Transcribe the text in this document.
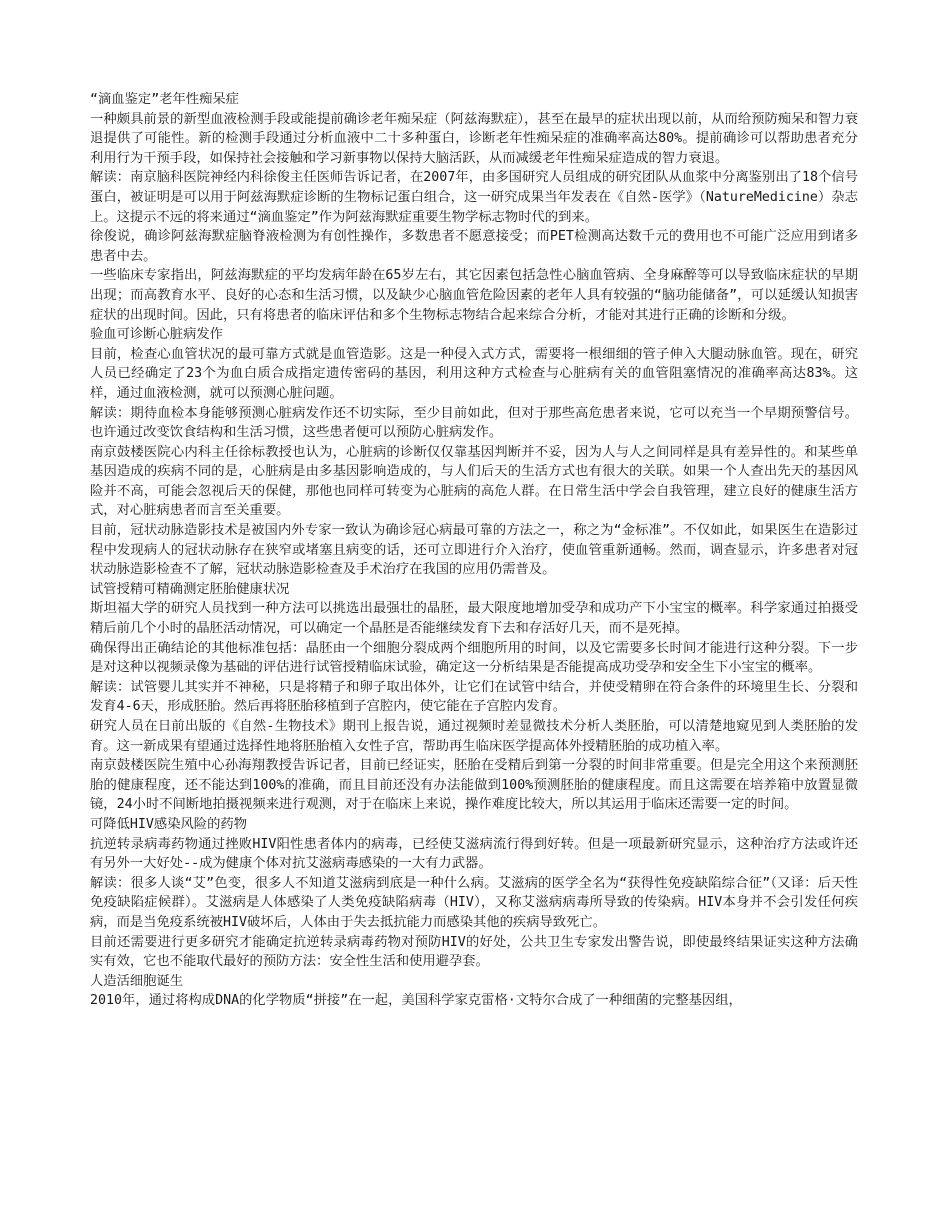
“滴血鉴定”老年性痴呆症

一种颇具前景的新型血液检测手段或能提前确诊老年痴呆症（阿兹海默症），甚至在最早的症状出现以前，从而给预防痴呆和智力衰退提供了可能性。新的检测手段通过分析血液中二十多种蛋白，诊断老年性痴呆症的准确率高达80%。提前确诊可以帮助患者充分利用行为干预手段，如保持社会接触和学习新事物以保持大脑活跃，从而减缓老年性痴呆症造成的智力衰退。

解读：南京脑科医院神经内科徐俊主任医师告诉记者，在2007年，由多国研究人员组成的研究团队从血浆中分离鉴别出了18个信号蛋白，被证明是可以用于阿兹海默症诊断的生物标记蛋白组合，这一研究成果当年发表在《自然-医学》（NatureMedicine）杂志上。这提示不远的将来通过“滴血鉴定”作为阿兹海默症重要生物学标志物时代的到来。

徐俊说，确诊阿兹海默症脑脊液检测为有创性操作，多数患者不愿意接受；而PET检测高达数千元的费用也不可能广泛应用到诸多患者中去。

一些临床专家指出，阿兹海默症的平均发病年龄在65岁左右，其它因素包括急性心脑血管病、全身麻醉等可以导致临床症状的早期出现；而高教育水平、良好的心态和生活习惯，以及缺少心脑血管危险因素的老年人具有较强的“脑功能储备”，可以延缓认知损害症状的出现时间。因此，只有将患者的临床评估和多个生物标志物结合起来综合分析，才能对其进行正确的诊断和分级。

验血可诊断心脏病发作

目前，检查心血管状况的最可靠方式就是血管造影。这是一种侵入式方式，需要将一根细细的管子伸入大腿动脉血管。现在，研究人员已经确定了23个为血白质合成指定遗传密码的基因，利用这种方式检查与心脏病有关的血管阻塞情况的准确率高达83%。这样，通过血液检测，就可以预测心脏问题。

解读：期待血检本身能够预测心脏病发作还不切实际，至少目前如此，但对于那些高危患者来说，它可以充当一个早期预警信号。也许通过改变饮食结构和生活习惯，这些患者便可以预防心脏病发作。

南京鼓楼医院心内科主任徐标教授也认为，心脏病的诊断仅仅靠基因判断并不妥，因为人与人之间同样是具有差异性的。和某些单基因造成的疾病不同的是，心脏病是由多基因影响造成的，与人们后天的生活方式也有很大的关联。如果一个人查出先天的基因风险并不高，可能会忽视后天的保健，那他也同样可转变为心脏病的高危人群。在日常生活中学会自我管理，建立良好的健康生活方式，对心脏病患者而言至关重要。

目前，冠状动脉造影技术是被国内外专家一致认为确诊冠心病最可靠的方法之一，称之为“金标准”。不仅如此，如果医生在造影过程中发现病人的冠状动脉存在狭窄或堵塞且病变的话，还可立即进行介入治疗，使血管重新通畅。然而，调查显示，许多患者对冠状动脉造影检查不了解，冠状动脉造影检查及手术治疗在我国的应用仍需普及。

试管授精可精确测定胚胎健康状况

斯坦福大学的研究人员找到一种方法可以挑选出最强壮的晶胚，最大限度地增加受孕和成功产下小宝宝的概率。科学家通过拍摄受精后前几个小时的晶胚活动情况，可以确定一个晶胚是否能继续发育下去和存活好几天，而不是死掉。

确保得出正确结论的其他标准包括：晶胚由一个细胞分裂成两个细胞所用的时间，以及它需要多长时间才能进行这种分裂。下一步是对这种以视频录像为基础的评估进行试管授精临床试验，确定这一分析结果是否能提高成功受孕和安全生下小宝宝的概率。

解读：试管婴儿其实并不神秘，只是将精子和卵子取出体外，让它们在试管中结合，并使受精卵在符合条件的环境里生长、分裂和发育4-6天，形成胚胎。然后再将胚胎移植到子宫腔内，使它能在子宫腔内发育。

研究人员在日前出版的《自然-生物技术》期刊上报告说，通过视频时差显微技术分析人类胚胎，可以清楚地窥见到人类胚胎的发育。这一新成果有望通过选择性地将胚胎植入女性子宫，帮助再生临床医学提高体外授精胚胎的成功植入率。

南京鼓楼医院生殖中心孙海翔教授告诉记者，目前已经证实，胚胎在受精后到第一分裂的时间非常重要。但是完全用这个来预测胚胎的健康程度，还不能达到100%的准确，而且目前还没有办法能做到100%预测胚胎的健康程度。而且这需要在培养箱中放置显微镜，24小时不间断地拍摄视频来进行观测，对于在临床上来说，操作难度比较大，所以其运用于临床还需要一定的时间。

可降低HIV感染风险的药物

抗逆转录病毒药物通过挫败HIV阳性患者体内的病毒，已经使艾滋病流行得到好转。但是一项最新研究显示，这种治疗方法或许还有另外一大好处--成为健康个体对抗艾滋病毒感染的一大有力武器。

解读：很多人谈“艾”色变，很多人不知道艾滋病到底是一种什么病。艾滋病的医学全名为“获得性免疫缺陷综合征”（又译：后天性免疫缺陷症候群）。艾滋病是人体感染了人类免疫缺陷病毒（HIV），又称艾滋病病毒所导致的传染病。HIV本身并不会引发任何疾病，而是当免疫系统被HIV破坏后，人体由于失去抵抗能力而感染其他的疾病导致死亡。

目前还需要进行更多研究才能确定抗逆转录病毒药物对预防HIV的好处，公共卫生专家发出警告说，即使最终结果证实这种方法确实有效，它也不能取代最好的预防方法：安全性生活和使用避孕套。

人造活细胞诞生

2010年，通过将构成DNA的化学物质“拼接”在一起，美国科学家克雷格·文特尔合成了一种细菌的完整基因组，
